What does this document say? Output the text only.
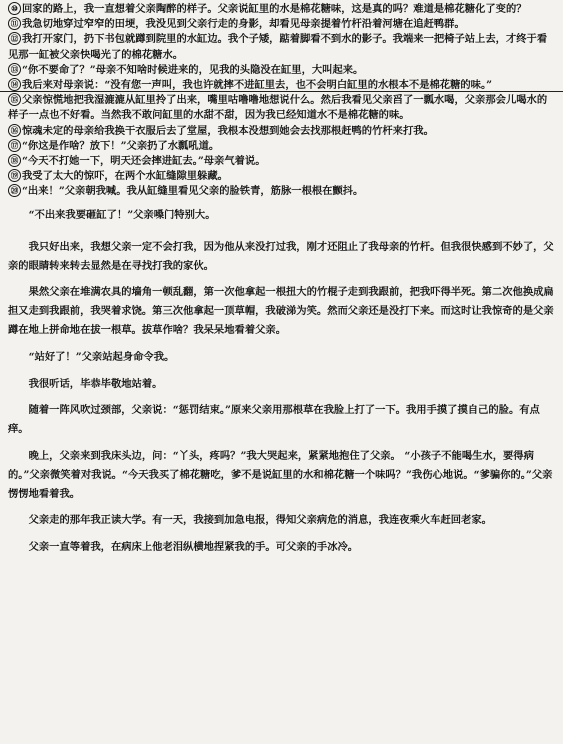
⑩ 回家的路上，我一直想着父亲陶醉的样子。父亲说缸里的水是棉花糖味，这是真的吗？难道是棉花糖化了变的？

⑪ 我急切地穿过窄窄的田埂，我没见到父亲行走的身影，却看见母亲提着竹杆沿着河塘在追赶鸭群。

⑫ 我打开家门，扔下书包就蹲到院里的水缸边。我个子矮，踮着脚看不到水的影子。我端来一把椅子站上去，才终于看见那一缸被父亲快喝光了的棉花糖水。

⑬ “你不要命了？”母亲不知啥时候进来的，见我的头隐没在缸里，大叫起来。

⑭ 我后来对母亲说：“没有您一声叫，我也许就摔不进缸里去，也不会明白缸里的水根本不是棉花糖的味。”

⑮ 父亲惊慌地把我湿漉漉从缸里拎了出来，嘴里咕噜噜地想说什么。然后我看见父亲舀了一瓢水喝，父亲那会儿喝水的样子一点也不好看。当然我不敢问缸里的水甜不甜，因为我已经知道水不是棉花糖的味。

⑯ 惊魂未定的母亲给我换干衣服后去了堂屋，我根本没想到她会去找那根赶鸭的竹杆来打我。

⑰ “你这是作啥？放下！”父亲扔了水瓢吼道。

⑱ “今天不打她一下，明天还会摔进缸去。”母亲气着说。

⑲ 我受了太大的惊吓，在两个水缸缝隙里躲藏。

⑳ “出来！”父亲朝我喊。我从缸缝里看见父亲的脸铁青，筋脉一根根在颤抖。

“不出来我要砸缸了！”父亲嗓门特别大。

我只好出来，我想父亲一定不会打我，因为他从来没打过我，刚才还阻止了我母亲的竹杆。但我很快感到不妙了，父亲的眼睛转来转去显然是在寻找打我的家伙。

果然父亲在堆满农具的墙角一顿乱翻，第一次他拿起一根扭大的竹棍子走到我跟前，把我吓得半死。第二次他换成扁担又走到我跟前，我哭着求饶。第三次他拿起一顶草帽，我破涕为笑。然而父亲还是没打下来。而这时让我惊奇的是父亲蹲在地上拼命地在拔一根草。拔草作啥？我呆呆地看着父亲。

“站好了！”父亲站起身命令我。

我很听话，毕恭毕敬地站着。

随着一阵风吹过颈部，父亲说：“惩罚结束。”原来父亲用那根草在我脸上打了一下。我用手摸了摸自己的脸。有点痒。

晚上，父亲来到我床头边，问：“丫头，疼吗？”我大哭起来，紧紧地抱住了父亲。 “小孩子不能喝生水，要得病的。”父亲微笑着对我说。“今天我买了棉花糖吃，爹不是说缸里的水和棉花糖一个味吗？”我伤心地说。“爹骗你的。”父亲愣愣地看着我。

父亲走的那年我正读大学。有一天，我接到加急电报，得知父亲病危的消息，我连夜乘火车赶回老家。

父亲一直等着我，在病床上他老泪纵横地捏紧我的手。可父亲的手冰冷。
